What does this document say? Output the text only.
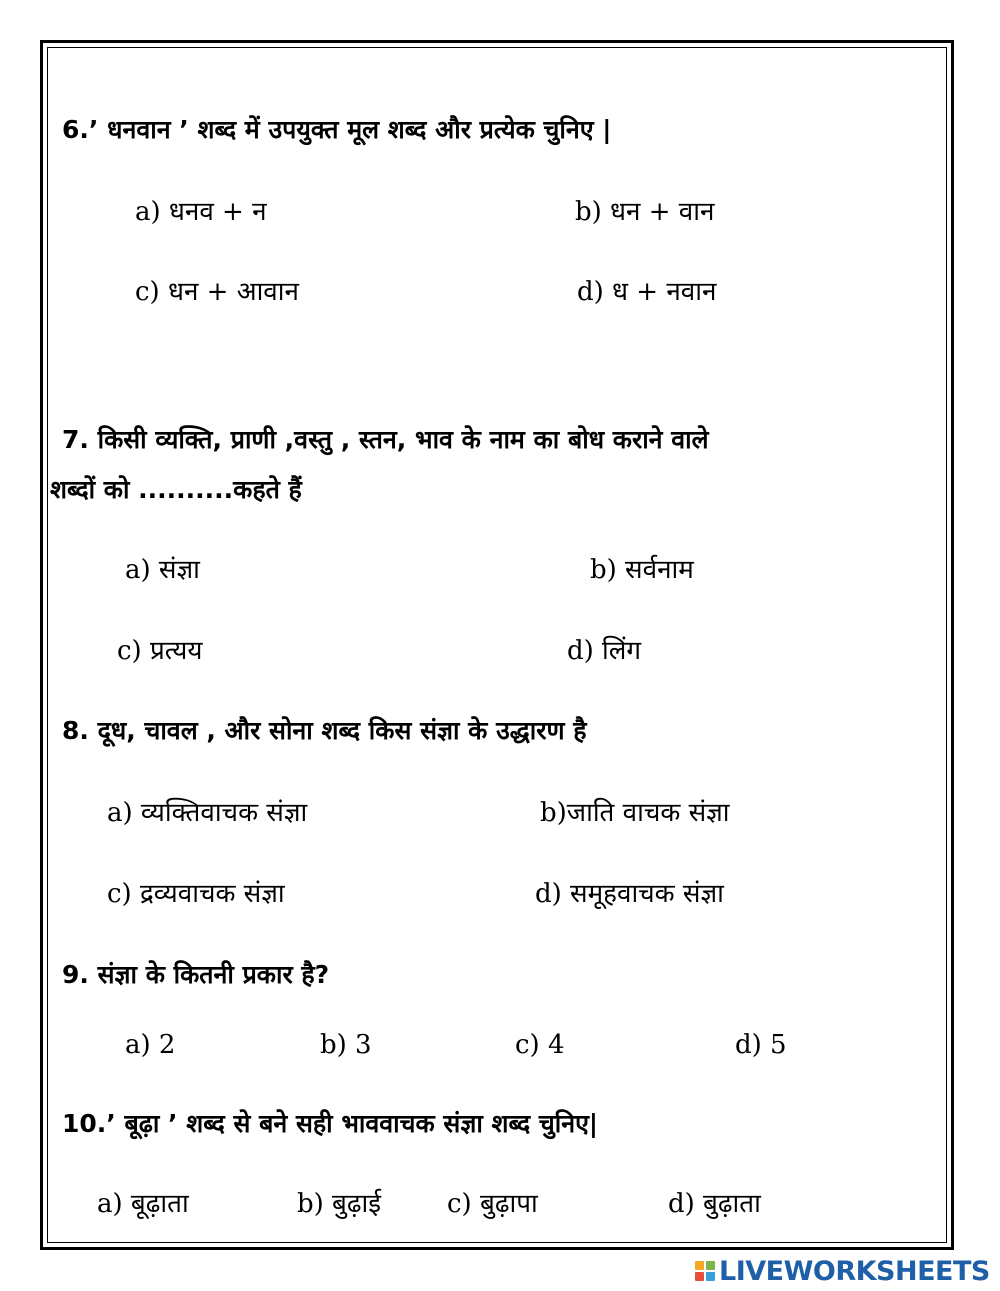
6.’ धनवान ’ शब्द में उपयुक्त मूल शब्द और प्रत्येक चुनिए |
a) धनव + न	b) धन + वान
c) धन + आवान	d) ध + नवान
7. किसी व्यक्ति, प्राणी ,वस्तु , स्तन, भाव के नाम का बोध कराने वाले
शब्दों को ..........कहते हैं
a) संज्ञा	b) सर्वनाम
c) प्रत्यय	d) लिंग
8. दूध, चावल , और सोना शब्द किस संज्ञा के उद्धारण है
a) व्यक्तिवाचक संज्ञा	b)जाति वाचक संज्ञा
c) द्रव्यवाचक संज्ञा	d) समूहवाचक संज्ञा
9. संज्ञा के कितनी प्रकार है?
a) 2	b) 3	c) 4	d) 5
10.’ बूढ़ा ’ शब्द से बने सही भाववाचक संज्ञा शब्द चुनिए|
a) बूढ़ाता	b) बुढ़ाई	c) बुढ़ापा	d) बुढ़ाता
LIVEWORKSHEETS
